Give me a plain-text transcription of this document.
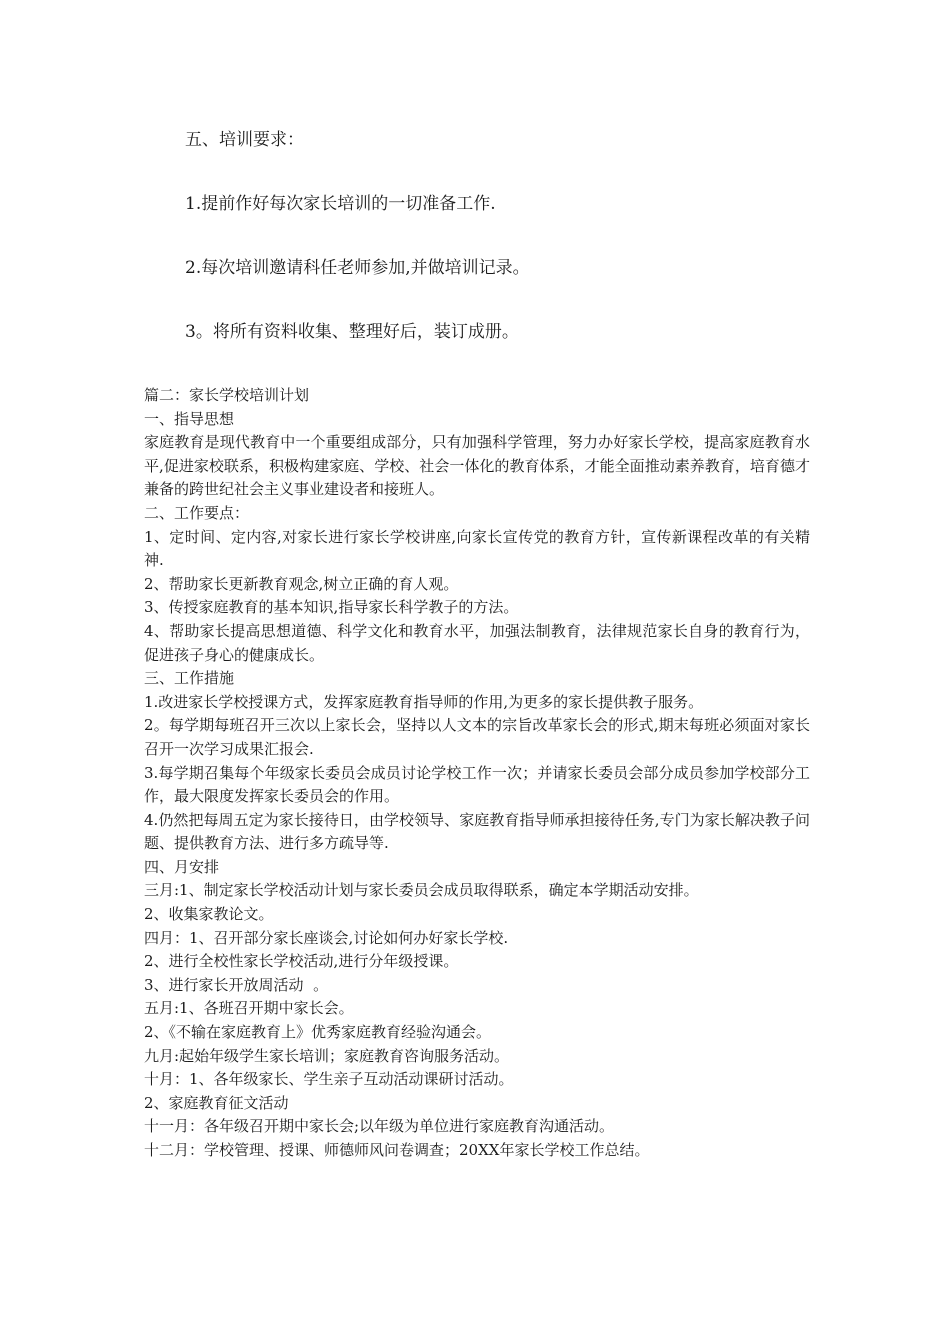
五、培训要求：
1.提前作好每次家长培训的一切准备工作.
2.每次培训邀请科任老师参加,并做培训记录。
3。将所有资料收集、整理好后，装订成册。

篇二：家长学校培训计划

一、指导思想

家庭教育是现代教育中一个重要组成部分，只有加强科学管理，努力办好家长学校，提高家庭教育水平,促进家校联系，积极构建家庭、学校、社会一体化的教育体系，才能全面推动素养教育，培育德才兼备的跨世纪社会主义事业建设者和接班人。

二、工作要点：

1、定时间、定内容,对家长进行家长学校讲座,向家长宣传党的教育方针，宣传新课程改革的有关精神.

2、帮助家长更新教育观念,树立正确的育人观。

3、传授家庭教育的基本知识,指导家长科学教子的方法。

4、帮助家长提高思想道德、科学文化和教育水平，加强法制教育，法律规范家长自身的教育行为，促进孩子身心的健康成长。

三、工作措施

1.改进家长学校授课方式，发挥家庭教育指导师的作用,为更多的家长提供教子服务。

2。每学期每班召开三次以上家长会，坚持以人文本的宗旨改革家长会的形式,期末每班必须面对家长召开一次学习成果汇报会.

3.每学期召集每个年级家长委员会成员讨论学校工作一次；并请家长委员会部分成员参加学校部分工作，最大限度发挥家长委员会的作用。

4.仍然把每周五定为家长接待日，由学校领导、家庭教育指导师承担接待任务,专门为家长解决教子问题、提供教育方法、进行多方疏导等.

四、月安排

三月:1、制定家长学校活动计划与家长委员会成员取得联系，确定本学期活动安排。

2、收集家教论文。

四月：1、召开部分家长座谈会,讨论如何办好家长学校.

2、进行全校性家长学校活动,进行分年级授课。

3、进行家长开放周活动  。

五月:1、各班召开期中家长会。

2、《不输在家庭教育上》优秀家庭教育经验沟通会。

九月:起始年级学生家长培训；家庭教育咨询服务活动。

十月：1、各年级家长、学生亲子互动活动课研讨活动。

2、家庭教育征文活动

十一月：各年级召开期中家长会;以年级为单位进行家庭教育沟通活动。

十二月：学校管理、授课、师德师风问卷调查；20XX年家长学校工作总结。
